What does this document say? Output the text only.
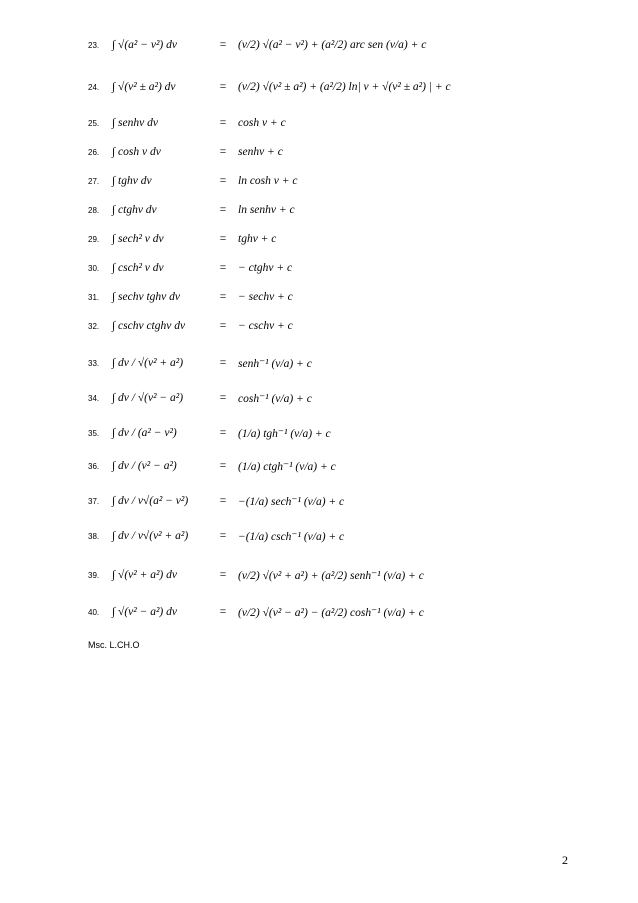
23.	∫ √(a² − v²) dv	=	(v/2) √(a² − v²) + (a²/2) arc sen (v/a) + c
24.	∫ √(v² ± a²) dv	=	(v/2) √(v² ± a²) + (a²/2) ln| v + √(v² ± a²) | + c
25.	∫ senhv dv	=	cosh v + c
26.	∫ cosh v dv	=	senhv + c
27.	∫ tghv dv	=	ln cosh v + c
28.	∫ ctghv dv	=	ln senhv + c
29.	∫ sech² v dv	=	tghv + c
30.	∫ csch² v dv	=	− ctghv + c
31.	∫ sechv tghv dv	=	− sechv + c
32.	∫ cschv ctghv dv	=	− cschv + c
33.	∫ dv / √(v² + a²)	=	senh⁻¹ (v/a) + c
34.	∫ dv / √(v² − a²)	=	cosh⁻¹ (v/a) + c
35.	∫ dv / (a² − v²)	=	(1/a) tgh⁻¹ (v/a) + c
36.	∫ dv / (v² − a²)	=	(1/a) ctgh⁻¹ (v/a) + c
37.	∫ dv / v√(a² − v²)	=	−(1/a) sech⁻¹ (v/a) + c
38.	∫ dv / v√(v² + a²)	=	−(1/a) csch⁻¹ (v/a) + c
39.	∫ √(v² + a²) dv	=	(v/2) √(v² + a²) + (a²/2) senh⁻¹ (v/a) + c
40.	∫ √(v² − a²) dv	=	(v/2) √(v² − a²) − (a²/2) cosh⁻¹ (v/a) + c
Msc. L.CH.O
2
